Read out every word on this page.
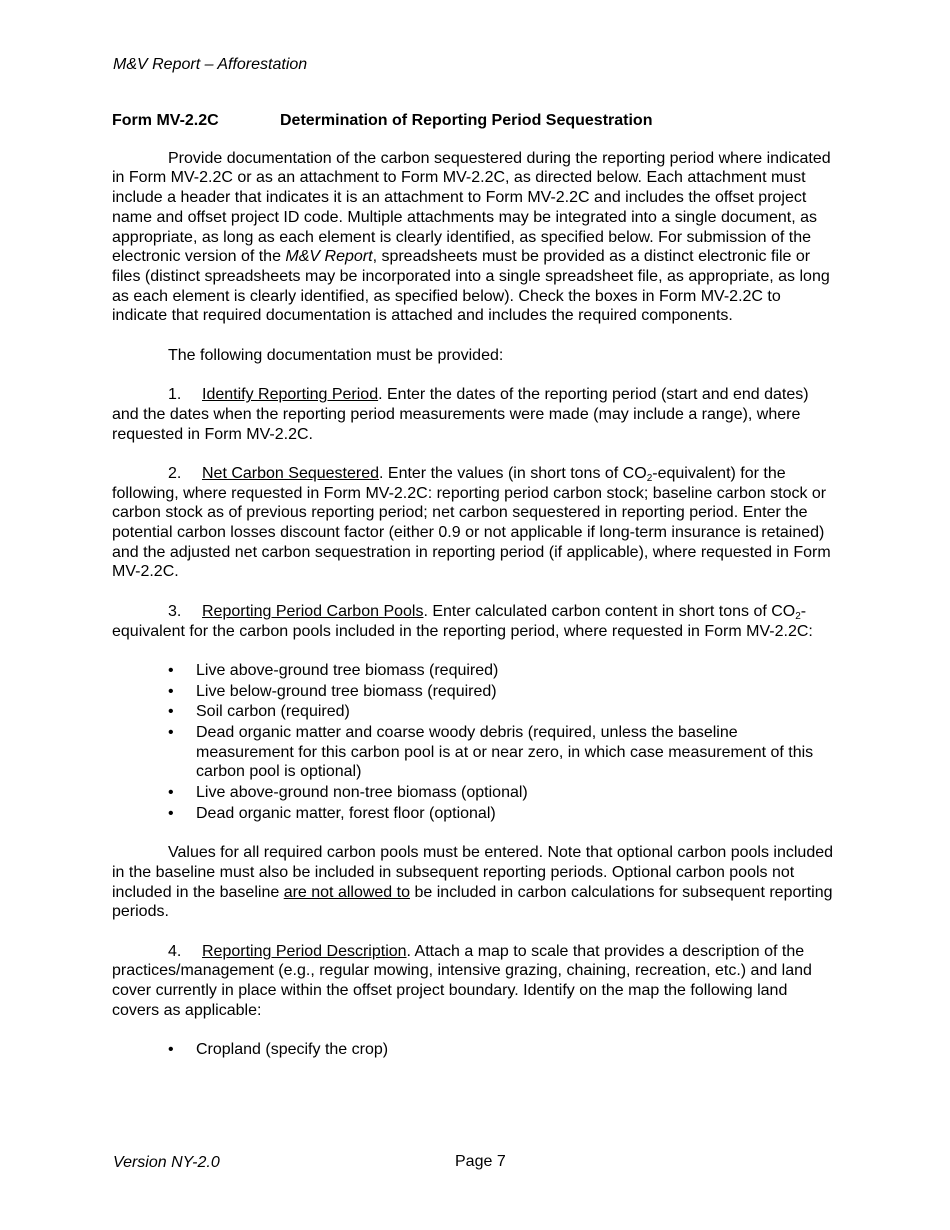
M&V Report – Afforestation
Form MV-2.2C	Determination of Reporting Period Sequestration

Provide documentation of the carbon sequestered during the reporting period where indicated in Form MV-2.2C or as an attachment to Form MV-2.2C, as directed below. Each attachment must include a header that indicates it is an attachment to Form MV-2.2C and includes the offset project name and offset project ID code. Multiple attachments may be integrated into a single document, as appropriate, as long as each element is clearly identified, as specified below. For submission of the electronic version of the M&V Report, spreadsheets must be provided as a distinct electronic file or files (distinct spreadsheets may be incorporated into a single spreadsheet file, as appropriate, as long as each element is clearly identified, as specified below). Check the boxes in Form MV-2.2C to indicate that required documentation is attached and includes the required components.

The following documentation must be provided:

1. Identify Reporting Period. Enter the dates of the reporting period (start and end dates) and the dates when the reporting period measurements were made (may include a range), where requested in Form MV-2.2C.

2. Net Carbon Sequestered. Enter the values (in short tons of $CO_2-equivalent$) for the following, where requested in Form MV-2.2C: reporting period carbon stock; baseline carbon stock or carbon stock as of previous reporting period; net carbon sequestered in reporting period. Enter the potential carbon losses discount factor (either 0.9 or not applicable if long-term insurance is retained) and the adjusted net carbon sequestration in reporting period (if applicable), where requested in Form MV-2.2C.

3. Reporting Period Carbon Pools. Enter calculated carbon content in short tons of $CO_2$-equivalent for the carbon pools included in the reporting period, where requested in Form MV-2.2C:

• Live above-ground tree biomass (required)
• Live below-ground tree biomass (required)
• Soil carbon (required)
• Dead organic matter and coarse woody debris (required, unless the baseline measurement for this carbon pool is at or near zero, in which case measurement of this carbon pool is optional)
• Live above-ground non-tree biomass (optional)
• Dead organic matter, forest floor (optional)

Values for all required carbon pools must be entered. Note that optional carbon pools included in the baseline must also be included in subsequent reporting periods. Optional carbon pools not included in the baseline are not allowed to be included in carbon calculations for subsequent reporting periods.

4. Reporting Period Description. Attach a map to scale that provides a description of the practices/management (e.g., regular mowing, intensive grazing, chaining, recreation, etc.) and land cover currently in place within the offset project boundary. Identify on the map the following land covers as applicable:

• Cropland (specify the crop)
Version NY-2.0	Page 7
